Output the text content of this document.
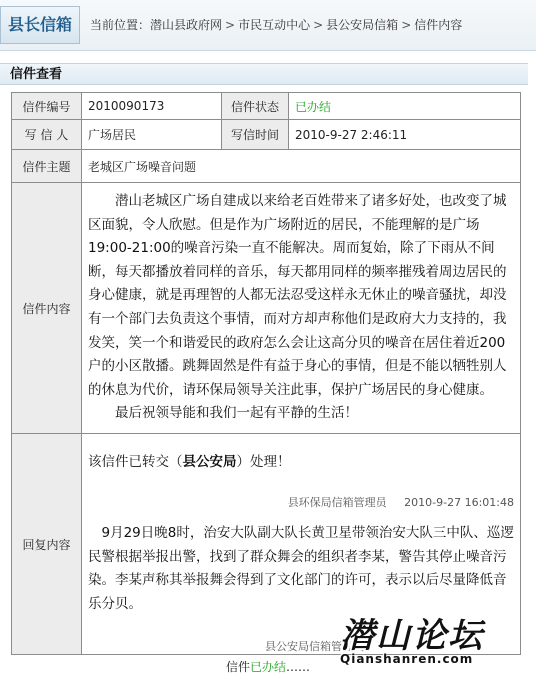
县长信箱	当前位置：潜山县政府网 > 市民互动中心 > 县公安局信箱 > 信件内容
信件查看
信件编号	2010090173	信件状态	已办结
写 信 人	广场居民	写信时间	2010-9-27 2:46:11
信件主题	老城区广场噪音问题		
信件内容	潜山老城区广场自建成以来给老百姓带来了诸多好处，也改变了城区面貌，令人欣慰。但是作为广场附近的居民，不能理解的是广场19:00-21:00的噪音污染一直不能解决。周而复始，除了下雨从不间断，每天都播放着同样的音乐，每天都用同样的频率摧残着周边居民的身心健康，就是再理智的人都无法忍受这样永无休止的噪音骚扰，却没有一个部门去负责这个事情，而对方却声称他们是政府大力支持的，我发笑，笑一个和谐爱民的政府怎么会让这高分贝的噪音在居住着近200户的小区散播。跳舞固然是件有益于身心的事情，但是不能以牺牲别人的休息为代价，请环保局领导关注此事，保护广场居民的身心健康。

最后祝领导能和我们一起有平静的生活！		

回复内容	该信件已转交（县公安局）处理！
县环保局信箱管理员 2010-9-27 16:01:48
9月29日晚8时，治安大队副大队长黄卫星带领治安大队三中队、巡逻民警根据举报出警，找到了群众舞会的组织者李某，警告其停止噪音污染。李某声称其举报舞会得到了文化部门的许可，表示以后尽量降低音乐分贝。
县公安局信箱管理员		
信件已办结……
潜山论坛
Qianshanren.com
